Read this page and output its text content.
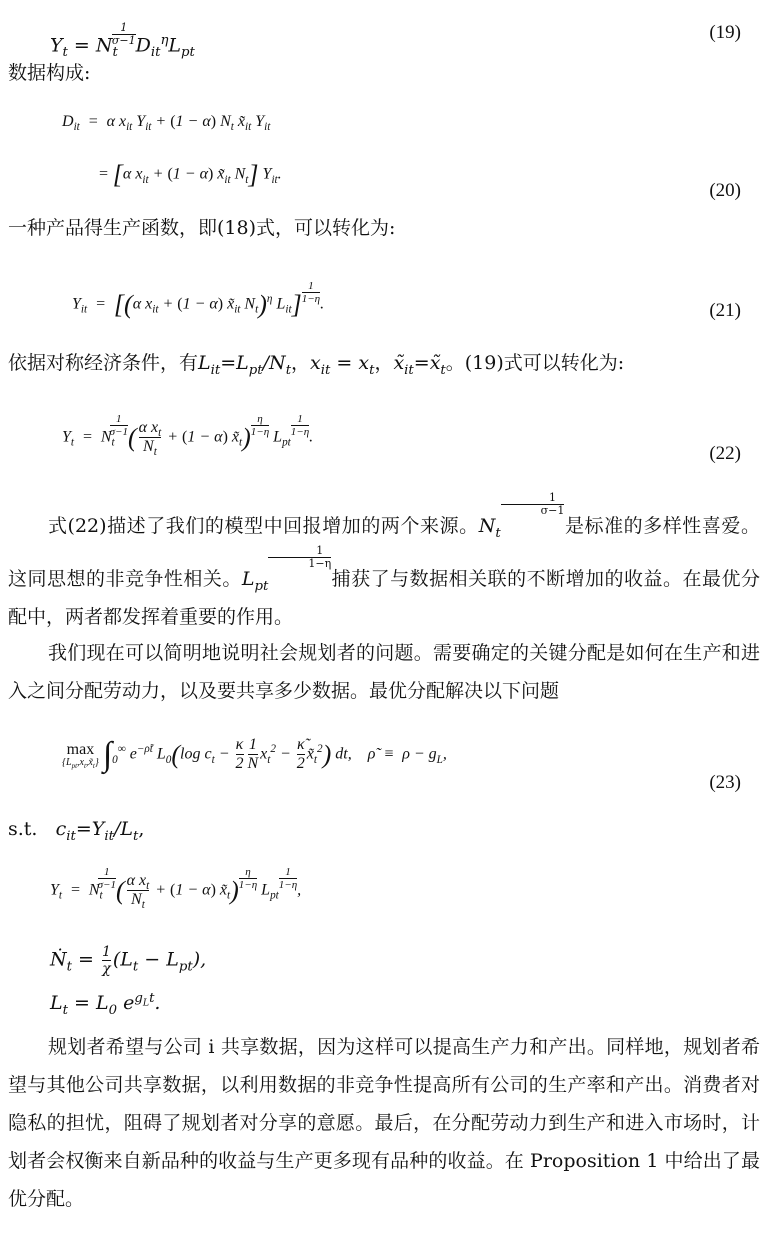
$Y_t = N_t$
$\frac{1}{\sigma-1} D_{it}^\eta L_{pt}$
(19)
数据构成:
$D_{it} = \alpha$ $x_{it}$ $Y_{it} + (1 - \alpha)$ $N_t$ $x̃_{it}$ $Y_{it}$
= [α $x_{it} + (1 - \alpha)$ $x̃_{it}$ $N_t$] $Y_{it}$.
(20)
一种产品得生产函数，即(18)式，可以转化为:
$Y_{it} = [(\alpha$ $x_{it} + (1 - \alpha)$ $x̃_{it}$ $N_t)^\eta$ $L_{it}] \frac{1}{1-\eta}$ .	(21)
依据对称经济条件，有$L_{it}=L_{pt}/N_t$，$x_{it} = x_t$，$x̃_{it}=x̃_t$。(19)式可以转化为:
$Y_t = N_t$
$\frac{1}{\sigma-1}$ ( $\frac{\alpha x_t}{N_t} + (1 - \alpha)$ $x̃_t) \frac{\eta}{1-\eta} L_{pt}$
$\frac{1}{1-\eta}$ .
(22)
式(22)描述了我们的模型中回报增加的两个来源。$N_t$
$\frac{1}{\sigma-1}$
是标准的多样性喜爱。这同思想的非竞争性相关。$L_{pt}$
$\frac{1}{1-\eta}$
捕获了与数据相关联的不断增加的收益。在最优分配中，两者都发挥着重要的作用。
我们现在可以简明地说明社会规划者的问题。需要确定的关键分配是如何在生产和进入之间分配劳动力，以及要共享多少数据。最优分配解决以下问题
max
$\{L_{pt},x_t,x̃_t\}$ $\int_0^\infty$ $e^{-\rhõt}$ $L_0(\log$ $c_t - \frac{\kappa}{2} \frac{1}{N} x_t^2 - \frac{\kappã}{2}$ $x̃_t^2$) dt,    ρ̃  ≡  $\rho - g_L$,
(23)
s.t. $c_{it}=Y_{it}/L_t$,
$Y_t = N_t$
$\frac{1}{\sigma-1}$ ( $\frac{\alpha x_t}{N_t} + (1 - \alpha)$ $x̃_t) \frac{\eta}{1-\eta} L_{pt}$
$\frac{1}{1-\eta}$ ,
Ṅ$_t$ = $\frac{1}{\chi} (L_t - L_{pt})$,
$L_t = L_0$ $e^{g_Lt}$.
规划者希望与公司 i 共享数据，因为这样可以提高生产力和产出。同样地，规划者希望与其他公司共享数据，以利用数据的非竞争性提高所有公司的生产率和产出。消费者对隐私的担忧，阻碍了规划者对分享的意愿。最后，在分配劳动力到生产和进入市场时，计划者会权衡来自新品种的收益与生产更多现有品种的收益。在 Proposition 1 中给出了最优分配。
